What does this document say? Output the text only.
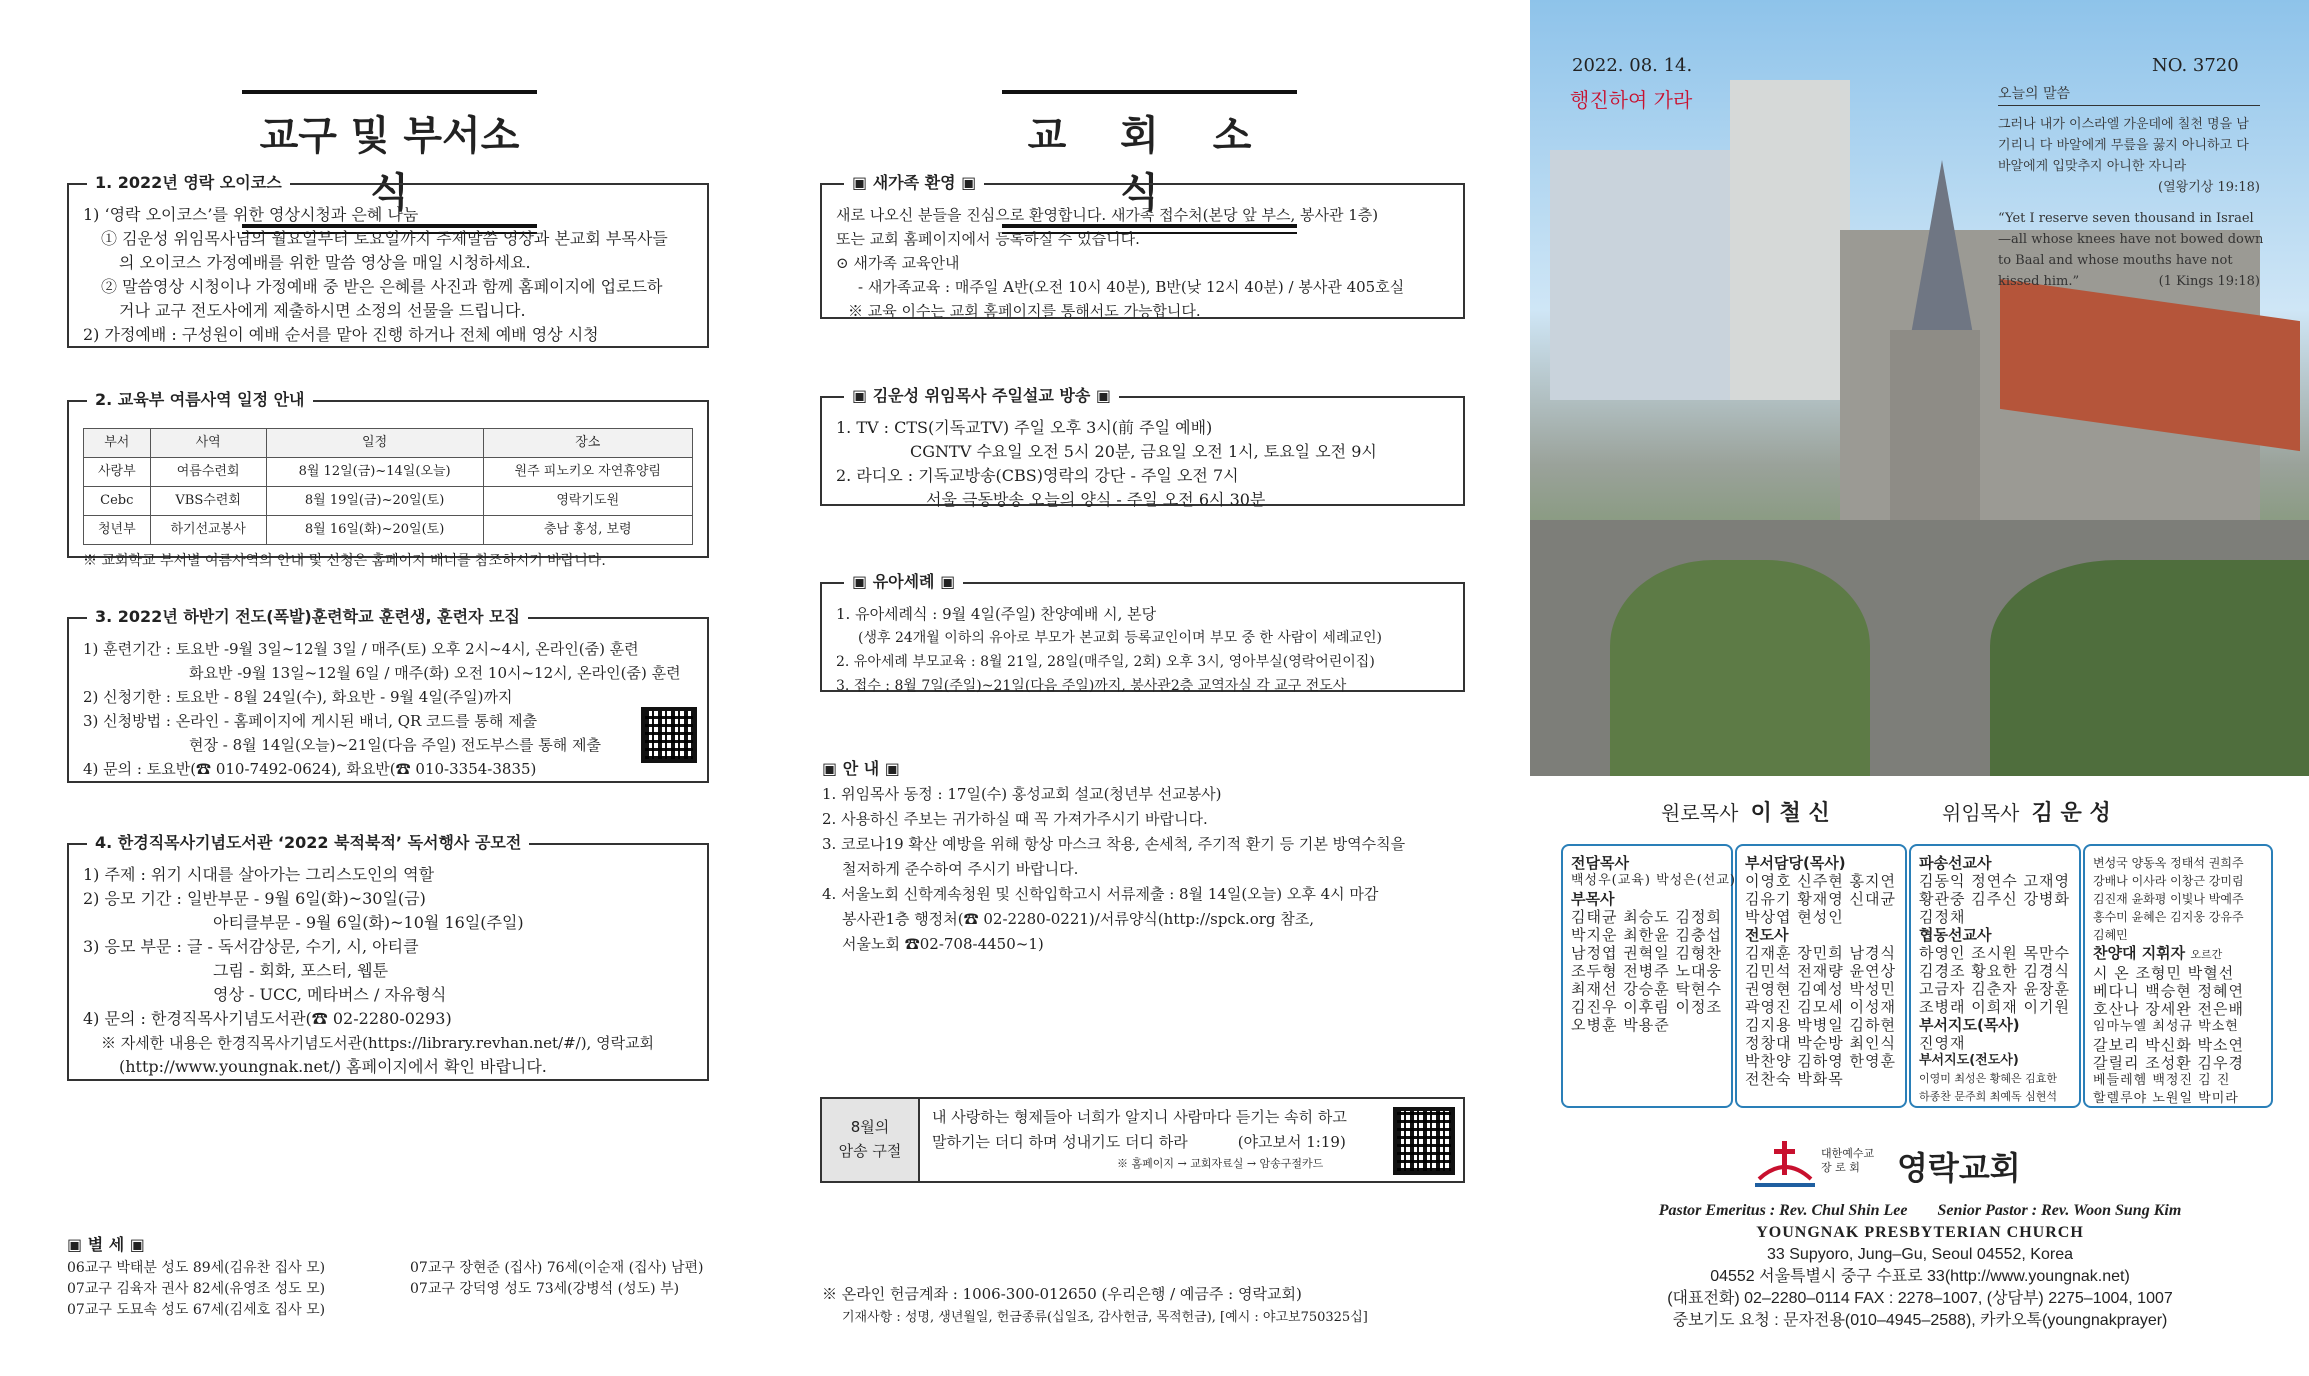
교구 및 부서소식
1. 2022년 영락 오이코스
1) ‘영락 오이코스’를 위한 영상시청과 은혜 나눔
① 김운성 위임목사님의 월요일부터 토요일까지 주제말씀 영상과 본교회 부목사들
의 오이코스 가정예배를 위한 말씀 영상을 매일 시청하세요.
② 말씀영상 시청이나 가정예배 중 받은 은혜를 사진과 함께 홈페이지에 업로드하
거나 교구 전도사에게 제출하시면 소정의 선물을 드립니다.
2) 가정예배 : 구성원이 예배 순서를 맡아 진행 하거나 전체 예배 영상 시청
2. 교육부 여름사역 일정 안내
부서	사역	일정	장소
사랑부	여름수련회	8월 12일(금)~14일(오늘)	원주 피노키오 자연휴양림
Cebc	VBS수련회	8월 19일(금)~20일(토)	영락기도원
청년부	하기선교봉사	8월 16일(화)~20일(토)	충남 홍성, 보령
※ 교회학교 부서별 여름사역의 안내 및 신청은 홈페이지 배너를 참조하시기 바랍니다.
3. 2022년 하반기 전도(폭발)훈련학교 훈련생, 훈련자 모집
1) 훈련기간 : 토요반 -9월 3일~12월 3일 / 매주(토) 오후 2시~4시, 온라인(줌) 훈련
화요반 -9월 13일~12월 6일 / 매주(화) 오전 10시~12시, 온라인(줌) 훈련
2) 신청기한 : 토요반 - 8월 24일(수), 화요반 - 9월 4일(주일)까지
3) 신청방법 : 온라인 - 홈페이지에 게시된 배너, QR 코드를 통해 제출
현장 - 8월 14일(오늘)~21일(다음 주일) 전도부스를 통해 제출
4) 문의 : 토요반(☎ 010-7492-0624), 화요반(☎ 010-3354-3835)
4. 한경직목사기념도서관 ‘2022 북적북적’ 독서행사 공모전
1) 주제 : 위기 시대를 살아가는 그리스도인의 역할
2) 응모 기간 : 일반부문 - 9월 6일(화)~30일(금)
아티클부문 - 9월 6일(화)~10월 16일(주일)
3) 응모 부문 : 글 - 독서감상문, 수기, 시, 아티클
그림 - 회화, 포스터, 웹툰
영상 - UCC, 메타버스 / 자유형식
4) 문의 : 한경직목사기념도서관(☎ 02-2280-0293)
※ 자세한 내용은 한경직목사기념도서관(https://library.revhan.net/#/), 영락교회
(http://www.youngnak.net/) 홈페이지에서 확인 바랍니다.
▣ 별 세 ▣
06교구 박태분 성도 89세(김유찬 집사 모)
07교구 김육자 권사 82세(유영조 성도 모)
07교구 도묘속 성도 67세(김세호 집사 모)
07교구 장현준 (집사) 76세(이순재 (집사) 남편)
07교구 강덕영 성도 73세(강병석 (성도) 부)
교 회 소 식
▣ 새가족 환영 ▣
새로 나오신 분들을 진심으로 환영합니다. 새가족 접수처(본당 앞 부스, 봉사관 1층)
또는 교회 홈페이지에서 등록하실 수 있습니다.
⊙ 새가족 교육안내
- 새가족교육 : 매주일 A반(오전 10시 40분), B반(낮 12시 40분) / 봉사관 405호실
※ 교육 이수는 교회 홈페이지를 통해서도 가능합니다.
▣ 김운성 위임목사 주일설교 방송 ▣
1. TV : CTS(기독교TV) 주일 오후 3시(前 주일 예배)
CGNTV 수요일 오전 5시 20분, 금요일 오전 1시, 토요일 오전 9시
2. 라디오 : 기독교방송(CBS)영락의 강단 - 주일 오전 7시
서울 극동방송 오늘의 양식 - 주일 오전 6시 30분
▣ 유아세례 ▣
1. 유아세례식 : 9월 4일(주일) 찬양예배 시, 본당
(생후 24개월 이하의 유아로 부모가 본교회 등록교인이며 부모 중 한 사람이 세례교인)
2. 유아세례 부모교육 : 8월 21일, 28일(매주일, 2회) 오후 3시, 영아부실(영락어린이집)
3. 접수 : 8월 7일(주일)~21일(다음 주일)까지, 봉사관2층 교역자실 각 교구 전도사
▣ 안 내 ▣
1. 위임목사 동정 : 17일(수) 홍성교회 설교(청년부 선교봉사)
2. 사용하신 주보는 귀가하실 때 꼭 가져가주시기 바랍니다.
3. 코로나19 확산 예방을 위해 항상 마스크 착용, 손세척, 주기적 환기 등 기본 방역수칙을
철저하게 준수하여 주시기 바랍니다.
4. 서울노회 신학계속청원 및 신학입학고시 서류제출 : 8월 14일(오늘) 오후 4시 마감
봉사관1층 행정처(☎ 02-2280-0221)/서류양식(http://spck.org 참조,
서울노회 ☎02-708-4450~1)
8월의
암송 구절
내 사랑하는 형제들아 너희가 알지니 사람마다 듣기는 속히 하고
말하기는 더디 하며 성내기도 더디 하라	(야고보서 1:19)
※ 홈페이지 → 교회자료실 → 암송구절카드
※ 온라인 헌금계좌 : 1006-300-012650 (우리은행 / 예금주 : 영락교회)
기재사항 : 성명, 생년월일, 헌금종류(십일조, 감사헌금, 목적헌금), [예시 : 야고보750325십]
2022. 08. 14.
행진하여 가라
NO. 3720
오늘의 말씀
그러나 내가 이스라엘 가운데에 칠천 명을 남
기리니 다 바알에게 무릎을 꿇지 아니하고 다
바알에게 입맞추지 아니한 자니라
(열왕기상 19:18)
“Yet I reserve seven thousand in Israel
—all whose knees have not bowed down
to Baal and whose mouths have not
kissed him.”	(1 Kings 19:18)
원로목사 이 철 신	위임목사 김 운 성
전담목사
백성우(교육) 박성은(선교)
부목사
김태균 최승도 김정희
박지운 최한윤 김충섭
남정엽 권혁일 김형찬
조두형 전병주 노대웅
최재선 강승훈 탁현수
김진우 이후림 이정조
오병훈 박용준
부서담당(목사)
이영호 신주현 홍지연
김유기 황재영 신대균
박상엽 현성인
전도사
김재훈 장민희 남경식
김민석 전재량 윤연상
권영현 김예성 박성민
곽영진 김모세 이성재
김지용 박병일 김하현
정창대 박순방 최인식
박찬양 김하영 한영훈
전찬숙 박화목
파송선교사
김동익 정연수 고재영
황관중 김주신 강병화
김정채
협동선교사
하영인 조시원 목만수
김경조 황요한 김경식
고금자 김춘자 윤장훈
조병래 이희재 이기원
부서지도(목사)
진영재
부서지도(전도사)
이영미 최성은 황혜은 김효한
하종찬 문주희 최예독 심현석
변성국 양동옥 정태석 권희주
강배나 이사라 이창근 강미림
김진재 윤화평 이빛나 박예주
홍수미 윤혜은 김지웅 강유주
김혜민
찬양대 지휘자 오르간
시 온 조형민 박혈선
베다니 백승현 정혜연
호산나 장세완 전은배
임마누엘 최성규 박소현
갈보리 박신화 박소연
갈릴리 조성환 김우경
베들레헴 백정진 김 진
할렐루야 노원일 박미라
대한예수교
장 로 회	영락교회
Pastor Emeritus : Rev. Chul Shin Lee Senior Pastor : Rev. Woon Sung Kim
YOUNGNAK PRESBYTERIAN CHURCH
33 Supyoro, Jung–Gu, Seoul 04552, Korea
04552 서울특별시 중구 수표로 33(http://www.youngnak.net)
(대표전화) 02–2280–0114 FAX : 2278–1007, (상담부) 2275–1004, 1007
중보기도 요청 : 문자전용(010–4945–2588), 카카오톡(youngnakprayer)
